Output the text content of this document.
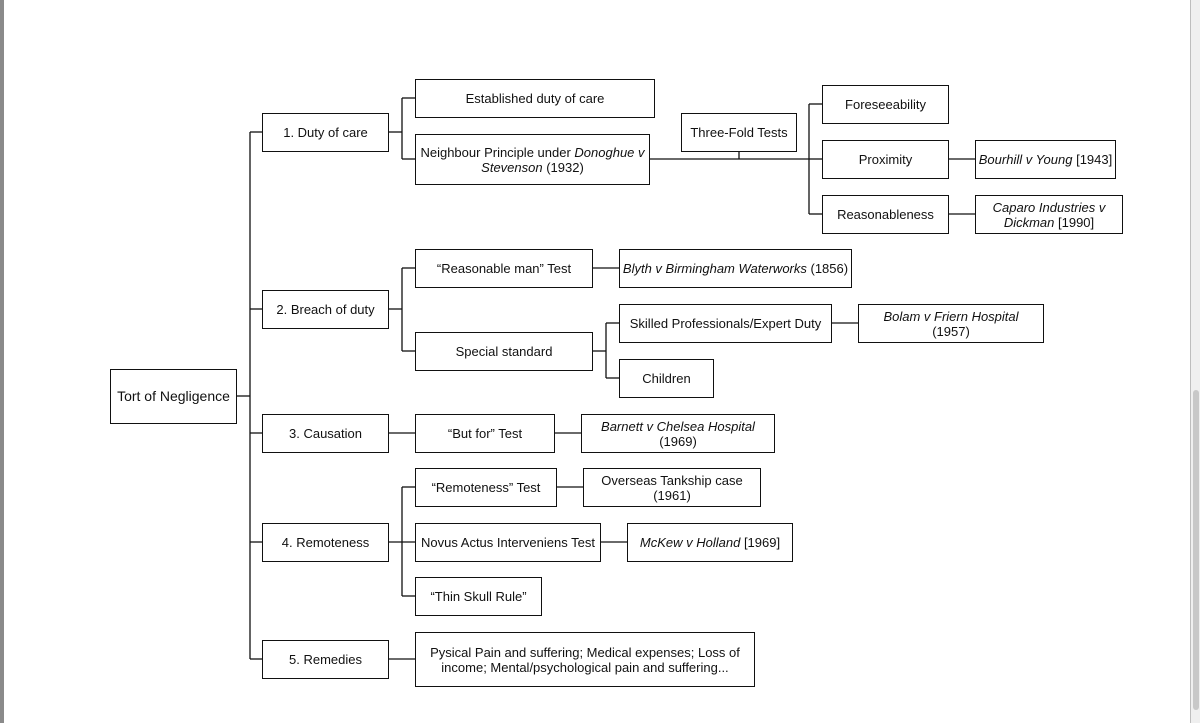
Tort of Negligence
1. Duty of care
2. Breach of duty
3. Causation
4. Remoteness
5. Remedies
Established duty of care
Neighbour Principle under Donoghue v
Stevenson (1932)
Three-Fold Tests
Foreseeability
Proximity
Reasonableness
Bourhill v Young [1943]
Caparo Industries v
Dickman [1990]
“Reasonable man” Test	Blyth v Birmingham Waterworks (1856)
Special standard
Skilled Professionals/Expert Duty	Bolam v Friern Hospital (1957)
Children
“But for” Test	Barnett v Chelsea Hospital (1969)
“Remoteness” Test	Overseas Tankship case (1961)
Novus Actus Interveniens Test	McKew v Holland [1969]
“Thin Skull Rule”
Pysical Pain and suffering; Medical expenses; Loss of
income; Mental/psychological pain and suffering...
